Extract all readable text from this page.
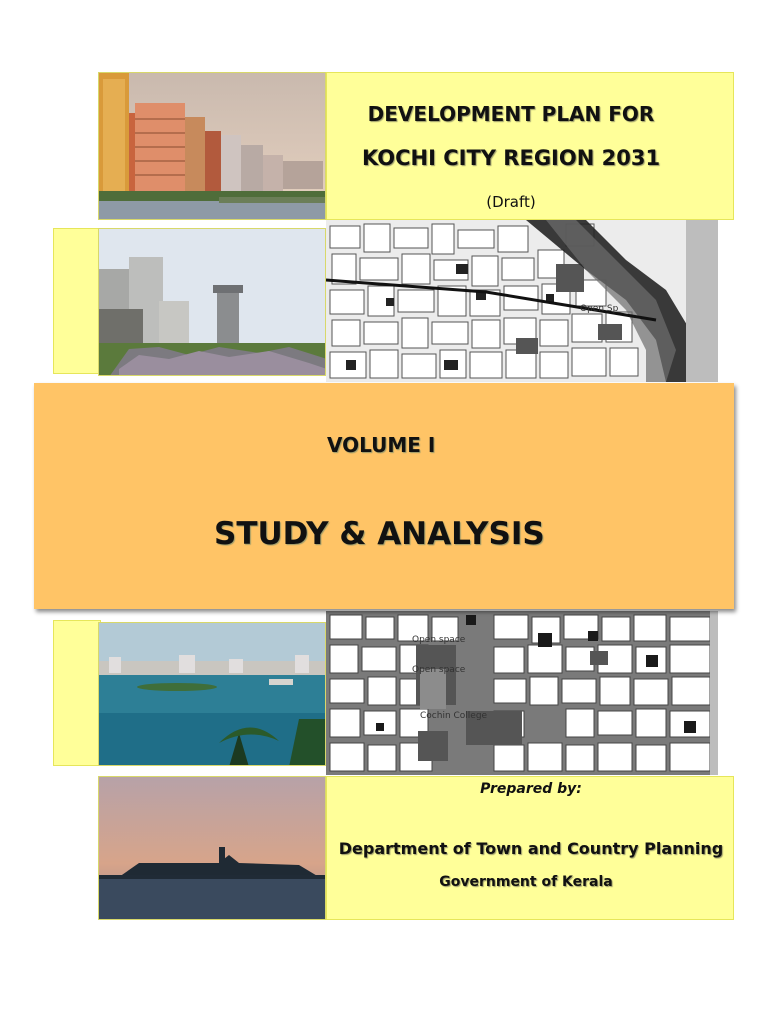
Open Sp
Open space
Open space
Cochin College
DEVELOPMENT PLAN FOR
KOCHI CITY REGION 2031
(Draft)
VOLUME I
STUDY & ANALYSIS
Prepared by:
Department of Town and Country Planning
Government of Kerala
